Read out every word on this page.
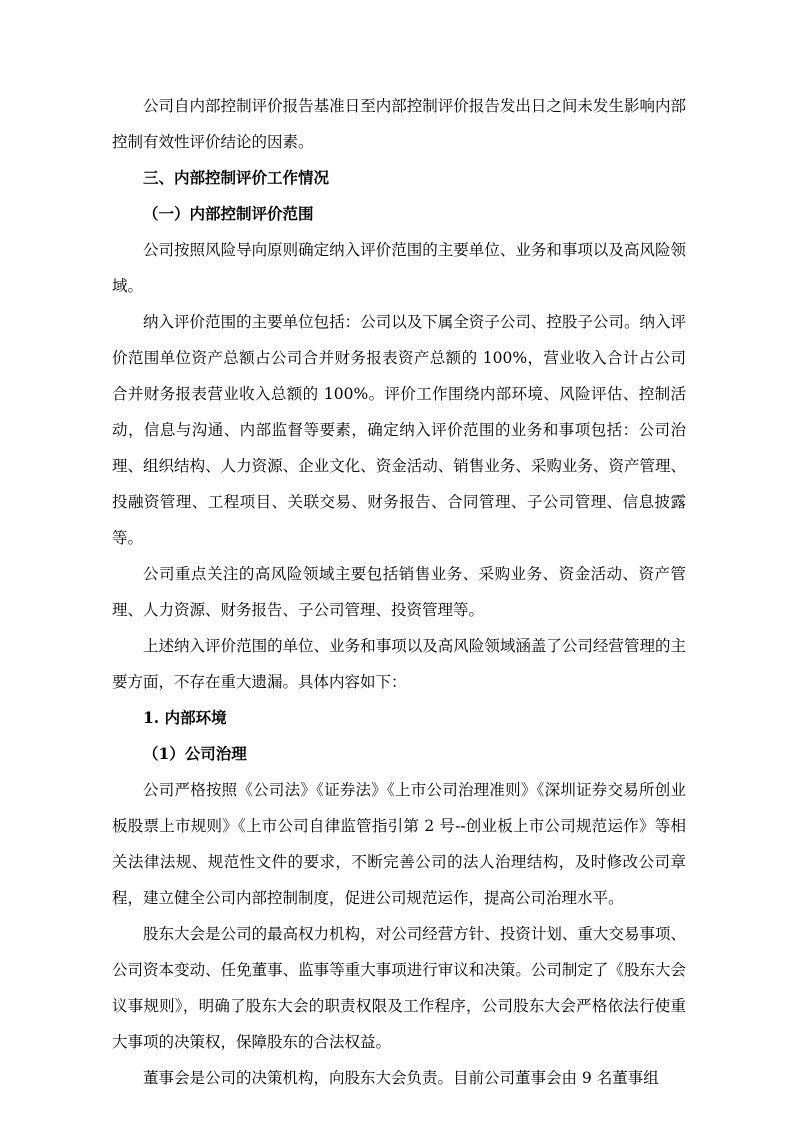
公司自内部控制评价报告基准日至内部控制评价报告发出日之间未发生影响内部控制有效性评价结论的因素。

三、内部控制评价工作情况

（一）内部控制评价范围

公司按照风险导向原则确定纳入评价范围的主要单位、业务和事项以及高风险领域。

纳入评价范围的主要单位包括：公司以及下属全资子公司、控股子公司。纳入评价范围单位资产总额占公司合并财务报表资产总额的 100%，营业收入合计占公司合并财务报表营业收入总额的 100%。评价工作围绕内部环境、风险评估、控制活动，信息与沟通、内部监督等要素，确定纳入评价范围的业务和事项包括：公司治理、组织结构、人力资源、企业文化、资金活动、销售业务、采购业务、资产管理、投融资管理、工程项目、关联交易、财务报告、合同管理、子公司管理、信息披露等。

公司重点关注的高风险领域主要包括销售业务、采购业务、资金活动、资产管理、人力资源、财务报告、子公司管理、投资管理等。

上述纳入评价范围的单位、业务和事项以及高风险领域涵盖了公司经营管理的主要方面，不存在重大遗漏。具体内容如下：

1. 内部环境

（1）公司治理

公司严格按照《公司法》《证券法》《上市公司治理准则》《深圳证券交易所创业板股票上市规则》《上市公司自律监管指引第 2 号--创业板上市公司规范运作》等相关法律法规、规范性文件的要求，不断完善公司的法人治理结构，及时修改公司章程，建立健全公司内部控制制度，促进公司规范运作，提高公司治理水平。

股东大会是公司的最高权力机构，对公司经营方针、投资计划、重大交易事项、公司资本变动、任免董事、监事等重大事项进行审议和决策。公司制定了《股东大会议事规则》，明确了股东大会的职责权限及工作程序，公司股东大会严格依法行使重大事项的决策权，保障股东的合法权益。

董事会是公司的决策机构，向股东大会负责。目前公司董事会由 9 名董事组
